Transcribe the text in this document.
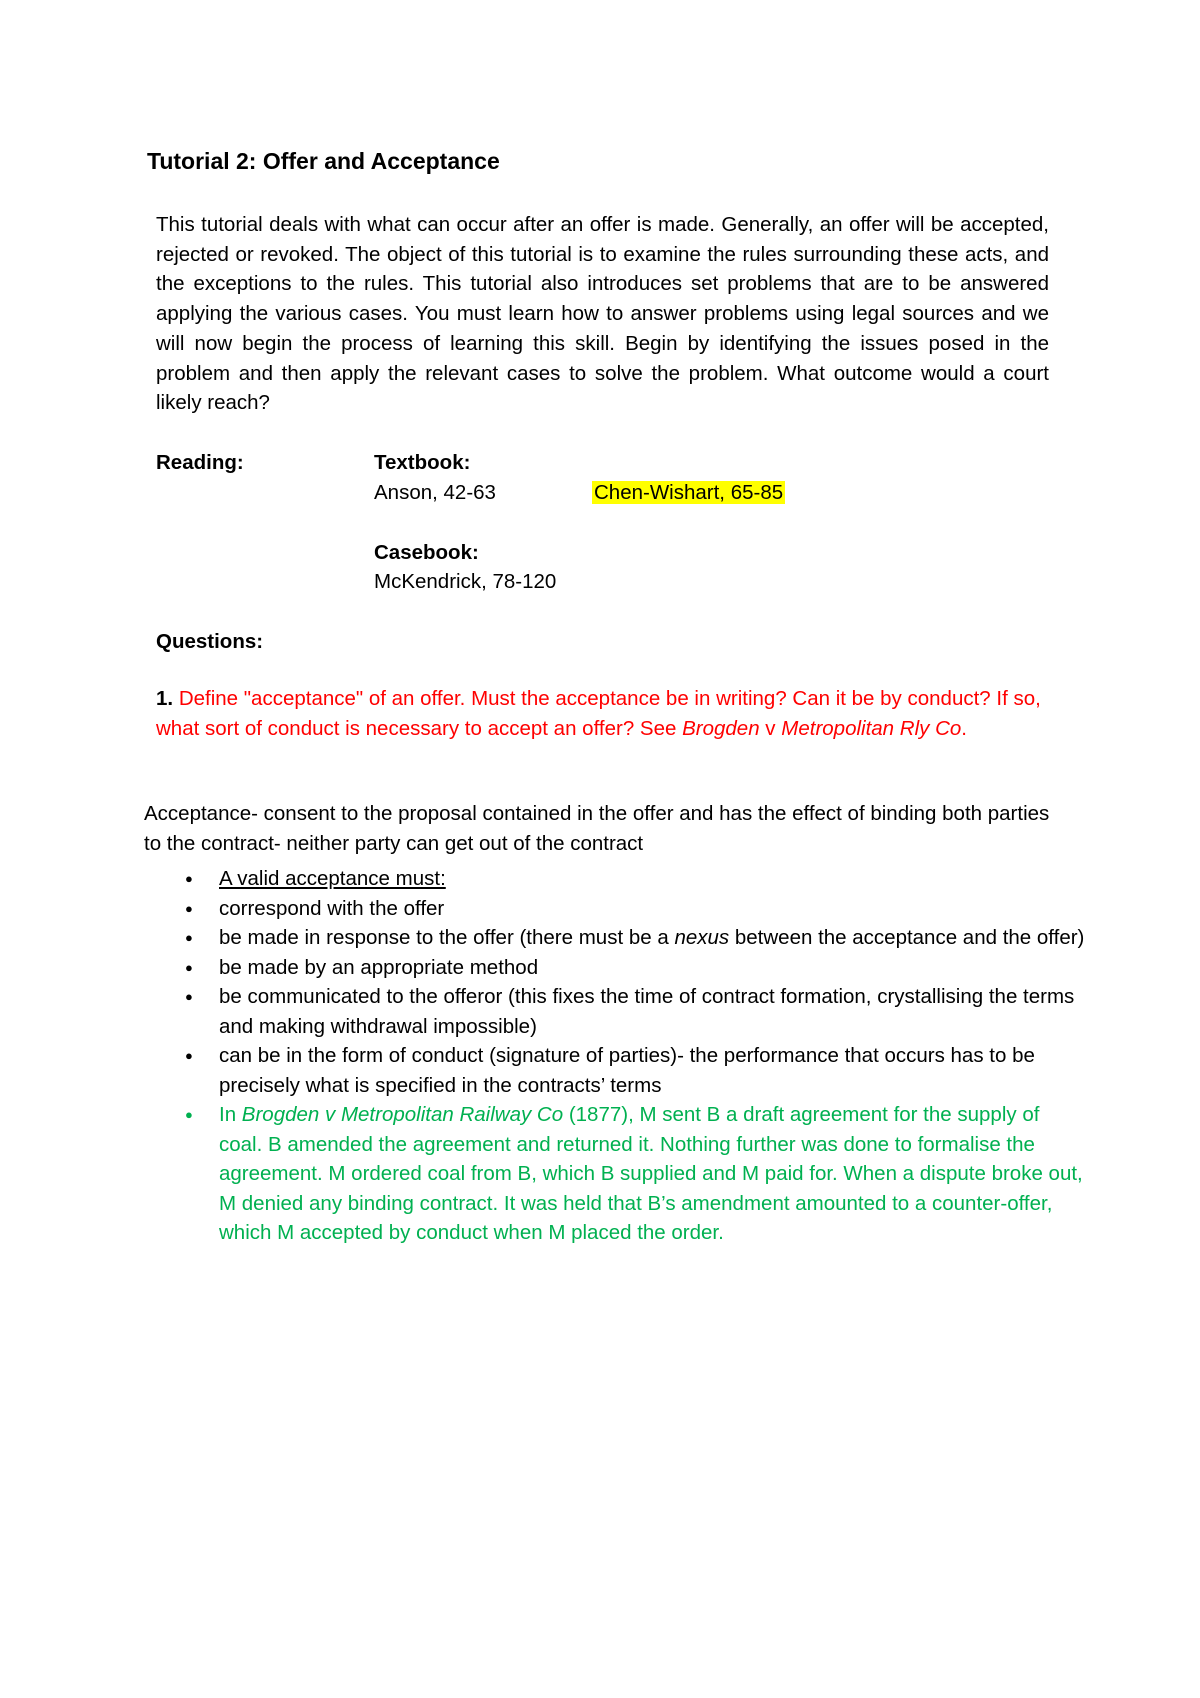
Tutorial 2: Offer and Acceptance
This tutorial deals with what can occur after an offer is made. Generally, an offer will be accepted, rejected or revoked. The object of this tutorial is to examine the rules surrounding these acts, and the exceptions to the rules. This tutorial also introduces set problems that are to be answered applying the various cases. You must learn how to answer problems using legal sources and we will now begin the process of learning this skill. Begin by identifying the issues posed in the problem and then apply the relevant cases to solve the problem. What outcome would a court likely reach?
Reading:	Textbook:
Anson, 42-63	Chen-Wishart, 65-85
Casebook:
McKendrick, 78-120
Questions:
1. Define "acceptance" of an offer. Must the acceptance be in writing? Can it be by conduct? If so, what sort of conduct is necessary to accept an offer? See Brogden v Metropolitan Rly Co.
Acceptance- consent to the proposal contained in the offer and has the effect of binding both parties to the contract- neither party can get out of the contract
● A valid acceptance must:
● correspond with the offer
● be made in response to the offer (there must be a nexus between the acceptance and the offer)
● be made by an appropriate method
● be communicated to the offeror (this fixes the time of contract formation, crystallising the terms and making withdrawal impossible)
● can be in the form of conduct (signature of parties)- the performance that occurs has to be precisely what is specified in the contracts’ terms
● In Brogden v Metropolitan Railway Co (1877), M sent B a draft agreement for the supply of coal. B amended the agreement and returned it. Nothing further was done to formalise the agreement. M ordered coal from B, which B supplied and M paid for. When a dispute broke out, M denied any binding contract. It was held that B’s amendment amounted to a counter-offer, which M accepted by conduct when M placed the order.
